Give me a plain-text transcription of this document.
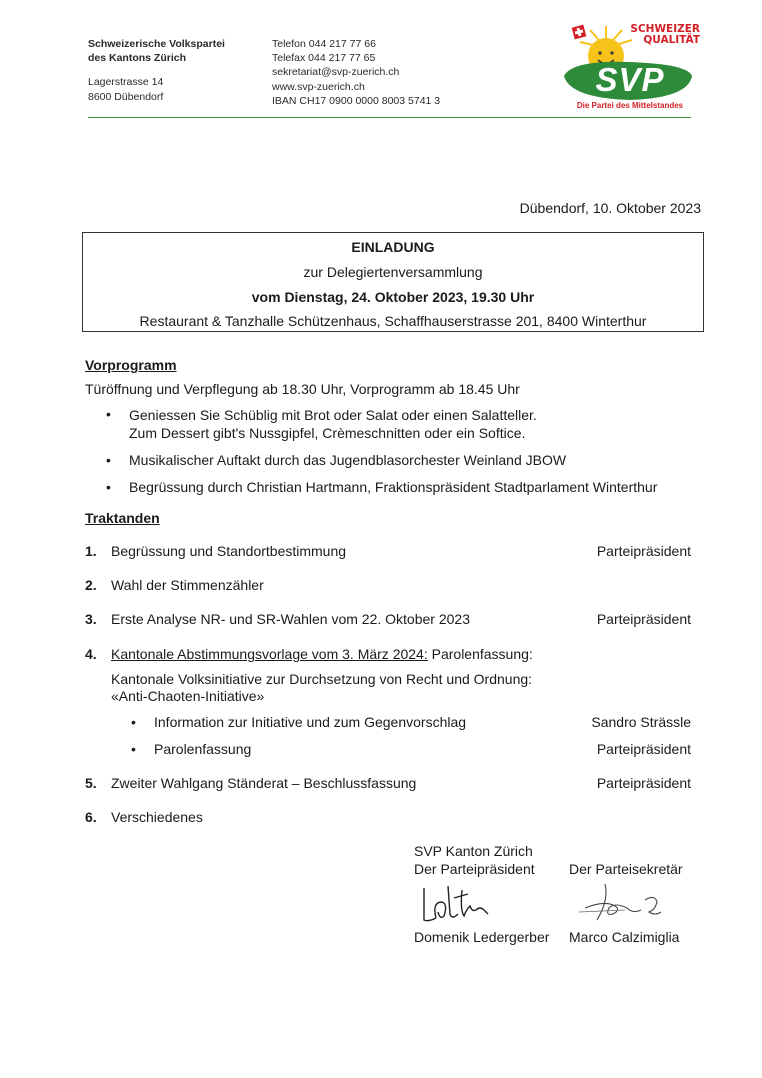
Schweizerische Volkspartei
des Kantons Zürich
Lagerstrasse 14
8600 Dübendorf
Telefon 044 217 77 66
Telefax 044 217 77 65
sekretariat@svp-zuerich.ch
www.svp-zuerich.ch
IBAN CH17 0900 0000 8003 5741 3
SCHWEIZER
QUALITÄT
SVP
Die Partei des Mittelstandes
Dübendorf, 10. Oktober 2023
EINLADUNG
zur Delegiertenversammlung
vom Dienstag, 24. Oktober 2023, 19.30 Uhr
Restaurant & Tanzhalle Schützenhaus, Schaffhauserstrasse 201, 8400 Winterthur
Vorprogramm
Türöffnung und Verpflegung ab 18.30 Uhr, Vorprogramm ab 18.45 Uhr
• Geniessen Sie Schüblig mit Brot oder Salat oder einen Salatteller.
Zum Dessert gibt's Nussgipfel, Crèmeschnitten oder ein Softice.
• Musikalischer Auftakt durch das Jugendblasorchester Weinland JBOW
• Begrüssung durch Christian Hartmann, Fraktionspräsident Stadtparlament Winterthur
Traktanden
1. Begrüssung und Standortbestimmung	Parteipräsident
2. Wahl der Stimmenzähler
3. Erste Analyse NR- und SR-Wahlen vom 22. Oktober 2023	Parteipräsident
4. Kantonale Abstimmungsvorlage vom 3. März 2024: Parolenfassung:
Kantonale Volksinitiative zur Durchsetzung von Recht und Ordnung:
«Anti-Chaoten-Initiative»
• Information zur Initiative und zum Gegenvorschlag	Sandro Strässle
• Parolenfassung	Parteipräsident
5. Zweiter Wahlgang Ständerat – Beschlussfassung	Parteipräsident
6. Verschiedenes
SVP Kanton Zürich
Der Parteipräsident Der Parteisekretär
Domenik Ledergerber Marco Calzimiglia
